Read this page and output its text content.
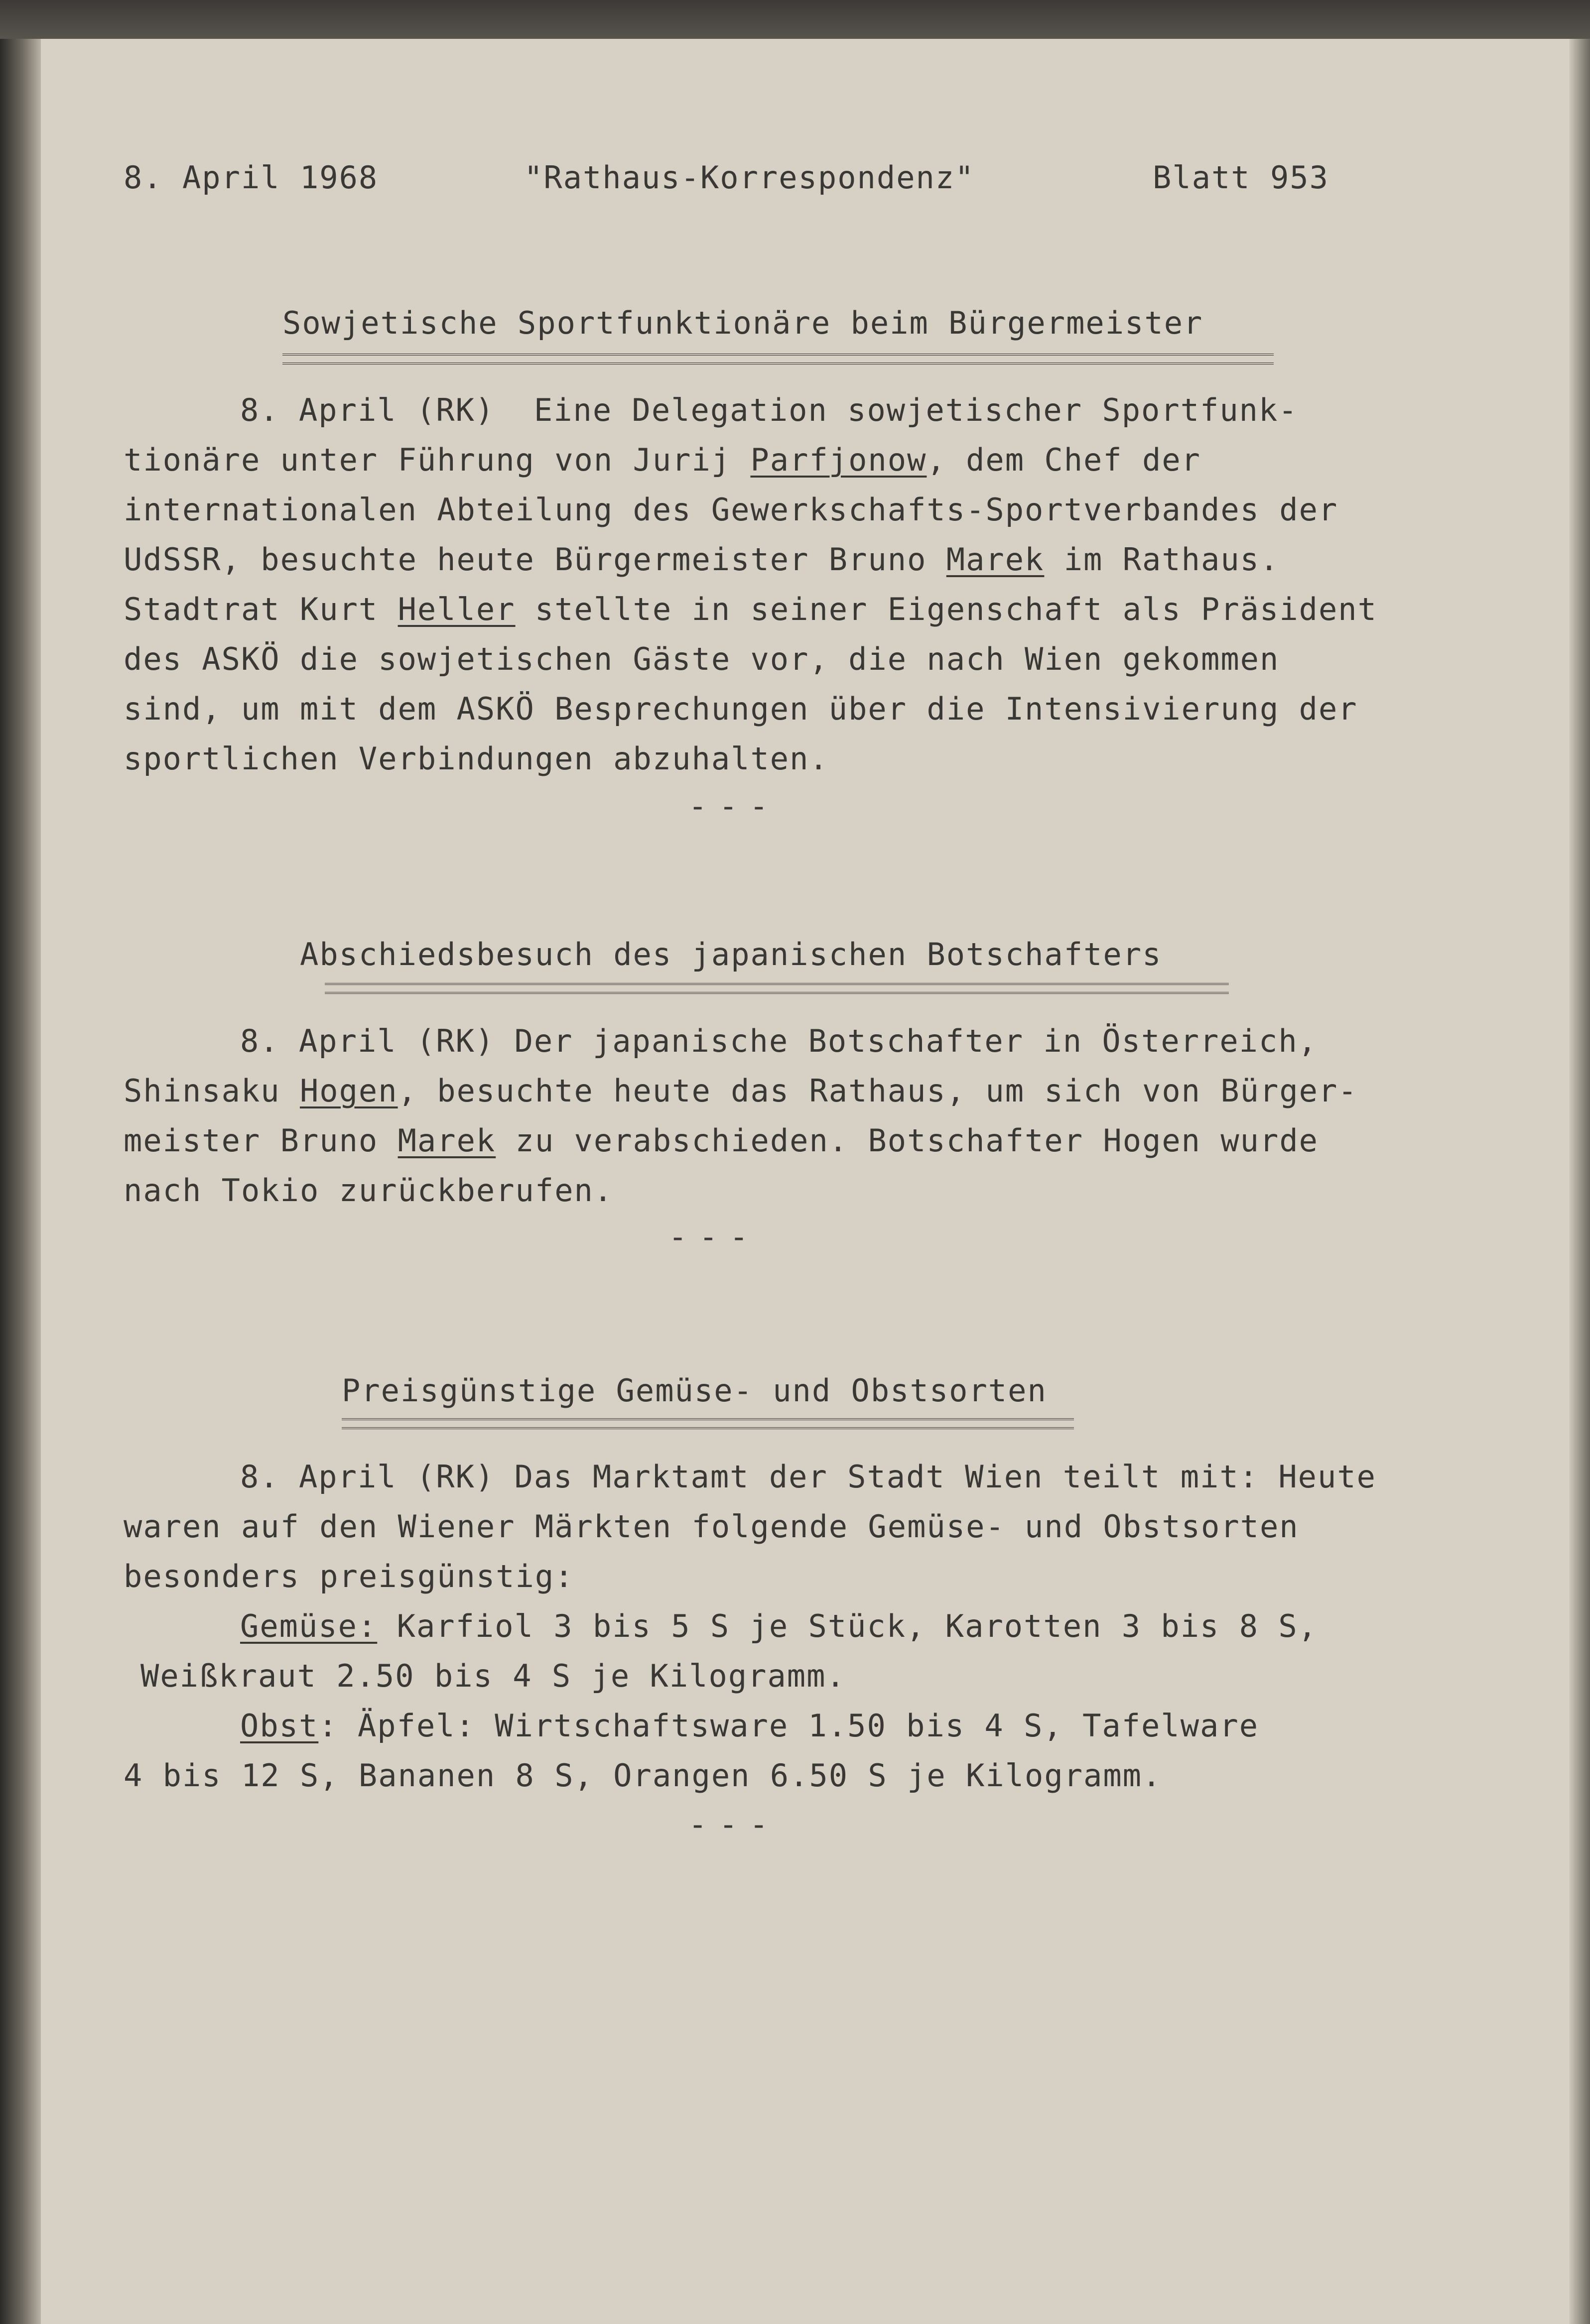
8. April 1968	"Rathaus-Korrespondenz"	Blatt 953
Sowjetische Sportfunktionäre beim Bürgermeister
8. April (RK)  Eine Delegation sowjetischer Sportfunk-
tionäre unter Führung von Jurij Parfjonow, dem Chef der
internationalen Abteilung des Gewerkschafts-Sportverbandes der
UdSSR, besuchte heute Bürgermeister Bruno Marek im Rathaus.
Stadtrat Kurt Heller stellte in seiner Eigenschaft als Präsident
des ASKÖ die sowjetischen Gäste vor, die nach Wien gekommen
sind, um mit dem ASKÖ Besprechungen über die Intensivierung der
sportlichen Verbindungen abzuhalten.
---
Abschiedsbesuch des japanischen Botschafters
8. April (RK) Der japanische Botschafter in Österreich,
Shinsaku Hogen, besuchte heute das Rathaus, um sich von Bürger-
meister Bruno Marek zu verabschieden. Botschafter Hogen wurde
nach Tokio zurückberufen.
---
Preisgünstige Gemüse- und Obstsorten
8. April (RK) Das Marktamt der Stadt Wien teilt mit: Heute
waren auf den Wiener Märkten folgende Gemüse- und Obstsorten
besonders preisgünstig:
Gemüse: Karfiol 3 bis 5 S je Stück, Karotten 3 bis 8 S,
Weißkraut 2.50 bis 4 S je Kilogramm.
Obst: Äpfel: Wirtschaftsware 1.50 bis 4 S, Tafelware
4 bis 12 S, Bananen 8 S, Orangen 6.50 S je Kilogramm.
---
